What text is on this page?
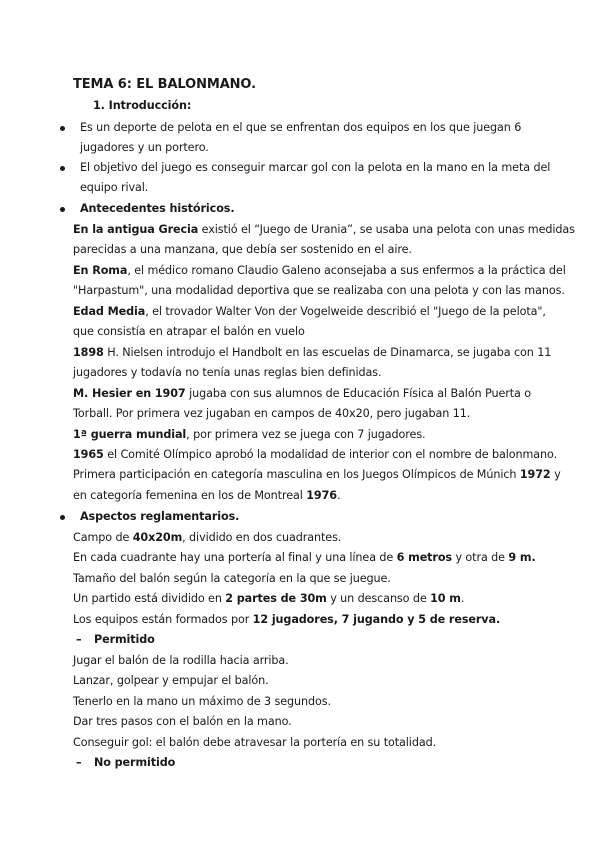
TEMA 6: EL BALONMANO.
1. Introducción:
Es un deporte de pelota en el que se enfrentan dos equipos en los que juegan 6
jugadores y un portero.
El objetivo del juego es conseguir marcar gol con la pelota en la mano en la meta del
equipo rival.
Antecedentes históricos.
En la antigua Grecia existió el “Juego de Urania”, se usaba una pelota con unas medidas
parecidas a una manzana, que debía ser sostenido en el aire.
En Roma, el médico romano Claudio Galeno aconsejaba a sus enfermos a la práctica del
"Harpastum", una modalidad deportiva que se realizaba con una pelota y con las manos.
Edad Media, el trovador Walter Von der Vogelweide describió el "Juego de la pelota",
que consistía en atrapar el balón en vuelo
1898 H. Nielsen introdujo el Handbolt en las escuelas de Dinamarca, se jugaba con 11
jugadores y todavía no tenía unas reglas bien definidas.
M. Hesier en 1907 jugaba con sus alumnos de Educación Física al Balón Puerta o
Torball. Por primera vez jugaban en campos de 40x20, pero jugaban 11.
1ª guerra mundial, por primera vez se juega con 7 jugadores.
1965 el Comité Olímpico aprobó la modalidad de interior con el nombre de balonmano.
Primera participación en categoría masculina en los Juegos Olímpicos de Múnich 1972 y
en categoría femenina en los de Montreal 1976.
Aspectos reglamentarios.
Campo de 40x20m, dividido en dos cuadrantes.
En cada cuadrante hay una portería al final y una línea de 6 metros y otra de 9 m.
Tamaño del balón según la categoría en la que se juegue.
Un partido está dividido en 2 partes de 30m y un descanso de 10 m.
Los equipos están formados por 12 jugadores, 7 jugando y 5 de reserva.
– Permitido
Jugar el balón de la rodilla hacia arriba.
Lanzar, golpear y empujar el balón.
Tenerlo en la mano un máximo de 3 segundos.
Dar tres pasos con el balón en la mano.
Conseguir gol: el balón debe atravesar la portería en su totalidad.
– No permitido
